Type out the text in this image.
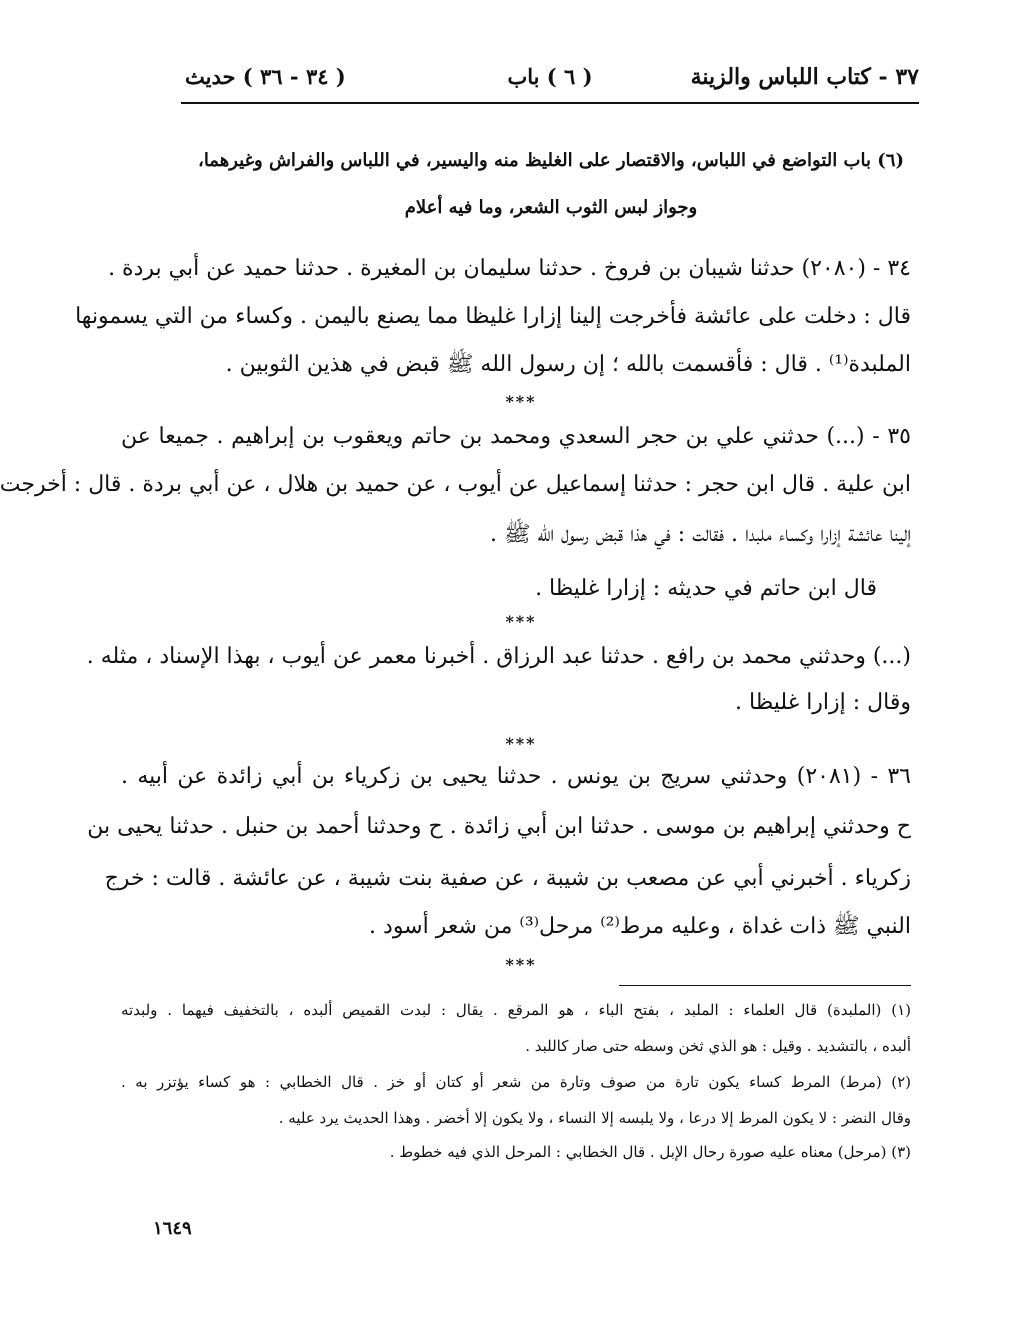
٣٧ - كتاب اللباس والزينة
( ٦ ) باب
( ٣٤ - ٣٦ ) حديث
(٦) باب التواضع في اللباس، والاقتصار على الغليظ منه واليسير، في اللباس والفراش وغيرهما،
وجواز لبس الثوب الشعر، وما فيه أعلام
٣٤ - (٢٠٨٠) حدثنا شيبان بن فروخ . حدثنا سليمان بن المغيرة . حدثنا حميد عن أبي بردة .
قال : دخلت على عائشة فأخرجت إلينا إزارا غليظا مما يصنع باليمن . وكساء من التي يسمونها
الملبدة⁽¹⁾ . قال : فأقسمت بالله ؛ إن رسول الله ﷺ قبض في هذين الثوبين .
***
٣٥ - (...) حدثني علي بن حجر السعدي ومحمد بن حاتم ويعقوب بن إبراهيم . جميعا عن
ابن علية . قال ابن حجر : حدثنا إسماعيل عن أيوب ، عن حميد بن هلال ، عن أبي بردة . قال : أخرجت
إلينا عائشة إزارا وكساء ملبدا . فقالت : في هذا قبض رسول الله ﷺ .
قال ابن حاتم في حديثه : إزارا غليظا .
***
(...) وحدثني محمد بن رافع . حدثنا عبد الرزاق . أخبرنا معمر عن أيوب ، بهذا الإسناد ، مثله .
وقال : إزارا غليظا .
***
٣٦ - (٢٠٨١) وحدثني سريج بن يونس . حدثنا يحيى بن زكرياء بن أبي زائدة عن أبيه .
ح وحدثني إبراهيم بن موسى . حدثنا ابن أبي زائدة . ح وحدثنا أحمد بن حنبل . حدثنا يحيى بن
زكرياء . أخبرني أبي عن مصعب بن شيبة ، عن صفية بنت شيبة ، عن عائشة . قالت : خرج
النبي ﷺ ذات غداة ، وعليه مرط⁽²⁾ مرحل⁽³⁾ من شعر أسود .
***
(١) (الملبدة) قال العلماء : الملبد ، بفتح الباء ، هو المرقع . يقال : لبدت القميص ألبده ، بالتخفيف فيهما . ولبدته
ألبده ، بالتشديد . وقيل : هو الذي ثخن وسطه حتى صار كاللبد .
(٢) (مرط) المرط كساء يكون تارة من صوف وتارة من شعر أو كتان أو خز . قال الخطابي : هو كساء يؤتزر به .
وقال النضر : لا يكون المرط إلا درعا ، ولا يلبسه إلا النساء ، ولا يكون إلا أخضر . وهذا الحديث يرد عليه .
(٣) (مرحل) معناه عليه صورة رحال الإبل . قال الخطابي : المرحل الذي فيه خطوط .
١٦٤٩
